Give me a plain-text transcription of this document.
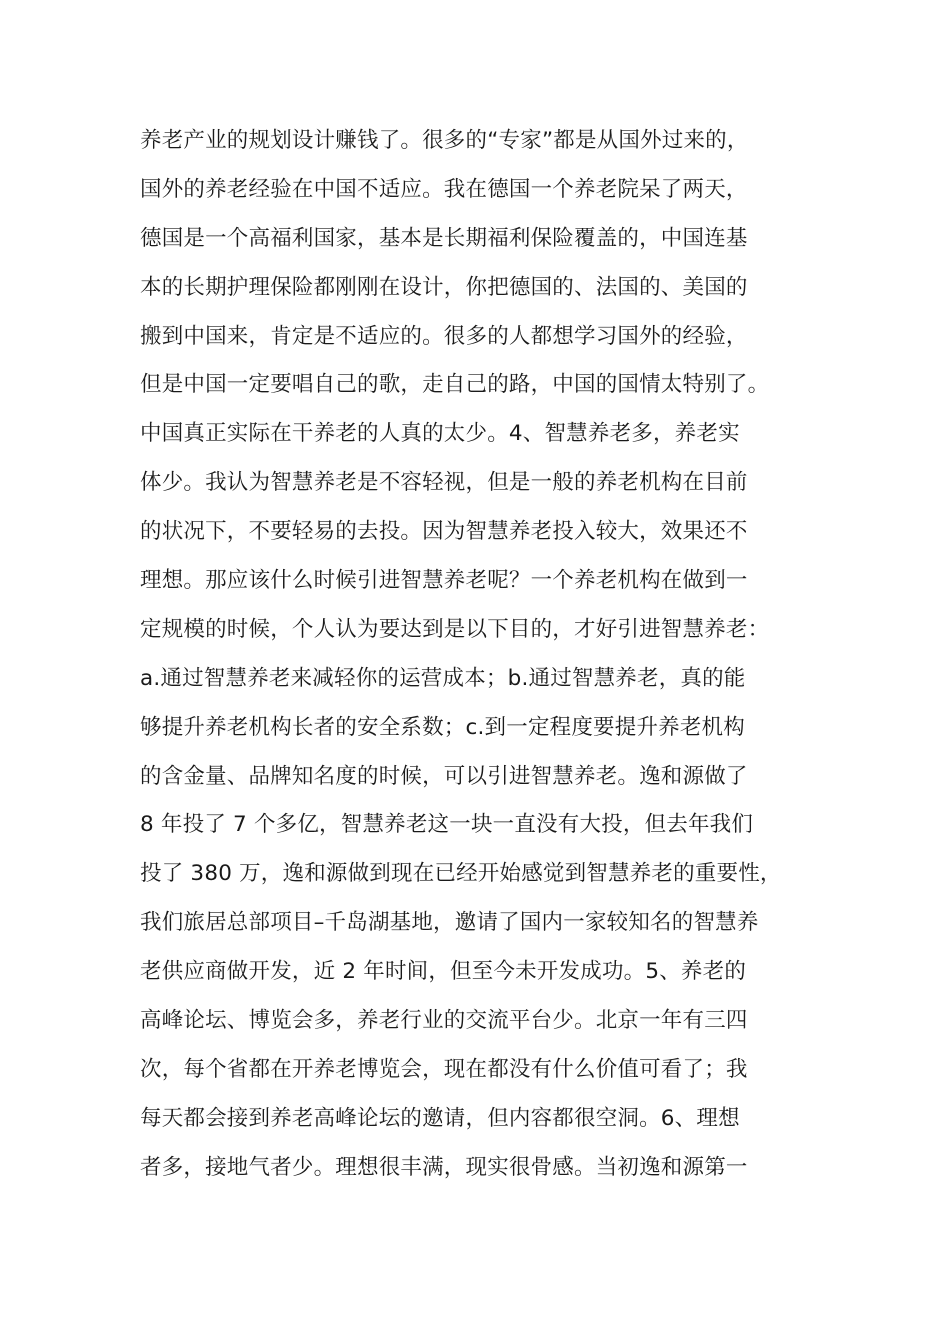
养老产业的规划设计赚钱了。很多的“专家”都是从国外过来的，
国外的养老经验在中国不适应。我在德国一个养老院呆了两天，
德国是一个高福利国家，基本是长期福利保险覆盖的，中国连基
本的长期护理保险都刚刚在设计，你把德国的、法国的、美国的
搬到中国来，肯定是不适应的。很多的人都想学习国外的经验，
但是中国一定要唱自己的歌，走自己的路，中国的国情太特别了。
中国真正实际在干养老的人真的太少。4、智慧养老多，养老实
体少。我认为智慧养老是不容轻视，但是一般的养老机构在目前
的状况下，不要轻易的去投。因为智慧养老投入较大，效果还不
理想。那应该什么时候引进智慧养老呢？一个养老机构在做到一
定规模的时候，个人认为要达到是以下目的，才好引进智慧养老：
a.通过智慧养老来减轻你的运营成本；b.通过智慧养老，真的能
够提升养老机构长者的安全系数；c.到一定程度要提升养老机构
的含金量、品牌知名度的时候，可以引进智慧养老。逸和源做了
8 年投了 7 个多亿，智慧养老这一块一直没有大投，但去年我们
投了 380 万，逸和源做到现在已经开始感觉到智慧养老的重要性，
我们旅居总部项目–千岛湖基地，邀请了国内一家较知名的智慧养
老供应商做开发，近 2 年时间，但至今未开发成功。5、养老的
高峰论坛、博览会多，养老行业的交流平台少。北京一年有三四
次，每个省都在开养老博览会，现在都没有什么价值可看了；我
每天都会接到养老高峰论坛的邀请，但内容都很空洞。6、理想
者多，接地气者少。理想很丰满，现实很骨感。当初逸和源第一
